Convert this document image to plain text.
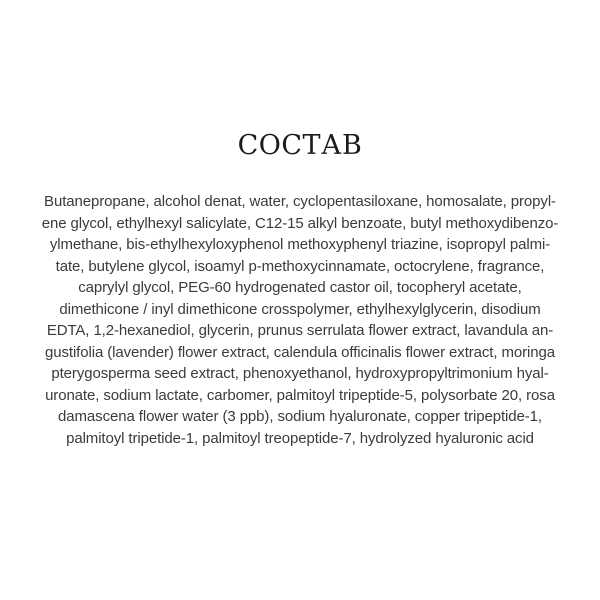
СОСТАВ
Butanepropane, alcohol denat, water, cyclopentasiloxane, homosalate, propyl-
ene glycol, ethylhexyl salicylate, C12-15 alkyl benzoate, butyl methoxydibenzo-
ylmethane, bis-ethylhexyloxyphenol methoxyphenyl triazine, isopropyl palmi-
tate, butylene glycol, isoamyl p-methoxycinnamate, octocrylene, fragrance,
caprylyl glycol, PEG-60 hydrogenated castor oil, tocopheryl acetate,
dimethicone / inyl dimethicone crosspolymer, ethylhexylglycerin, disodium
EDTA, 1,2-hexanediol, glycerin, prunus serrulata flower extract, lavandula an-
gustifolia (lavender) flower extract, calendula officinalis flower extract, moringa
pterygosperma seed extract, phenoxyethanol, hydroxypropyltrimonium hyal-
uronate, sodium lactate, carbomer, palmitoyl tripeptide-5, polysorbate 20, rosa
damascena flower water (3 ppb), sodium hyaluronate, copper tripeptide-1,
palmitoyl tripetide-1, palmitoyl treopeptide-7, hydrolyzed hyaluronic acid
